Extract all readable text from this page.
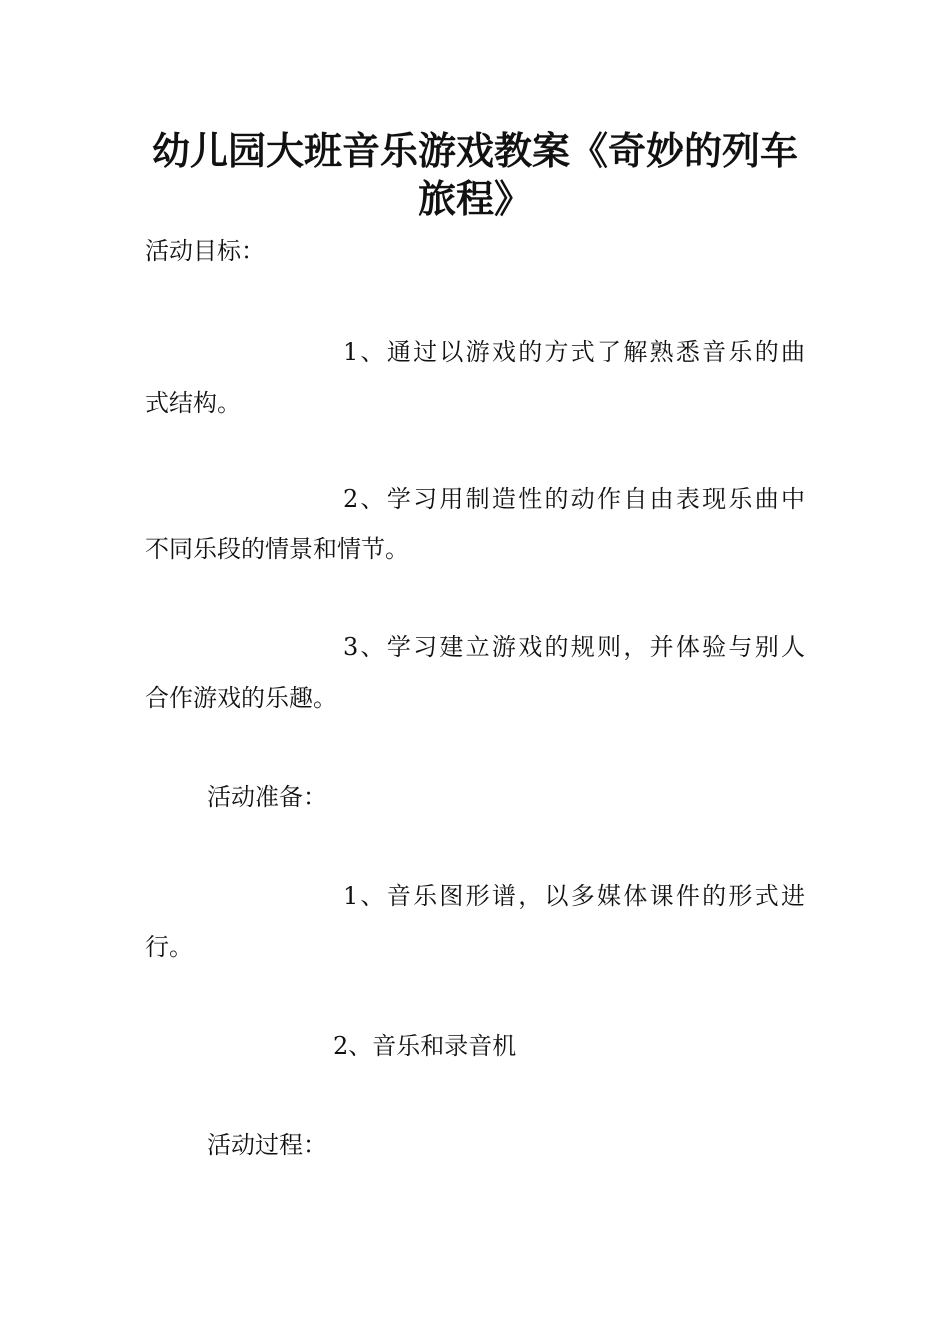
幼儿园大班音乐游戏教案《奇妙的列车
旅程》

活动目标：

1、通过以游戏的方式了解熟悉音乐的曲

式结构。

2、学习用制造性的动作自由表现乐曲中

不同乐段的情景和情节。

3、学习建立游戏的规则，并体验与别人

合作游戏的乐趣。

活动准备：

1、音乐图形谱，以多媒体课件的形式进

行。

2、音乐和录音机

活动过程：
